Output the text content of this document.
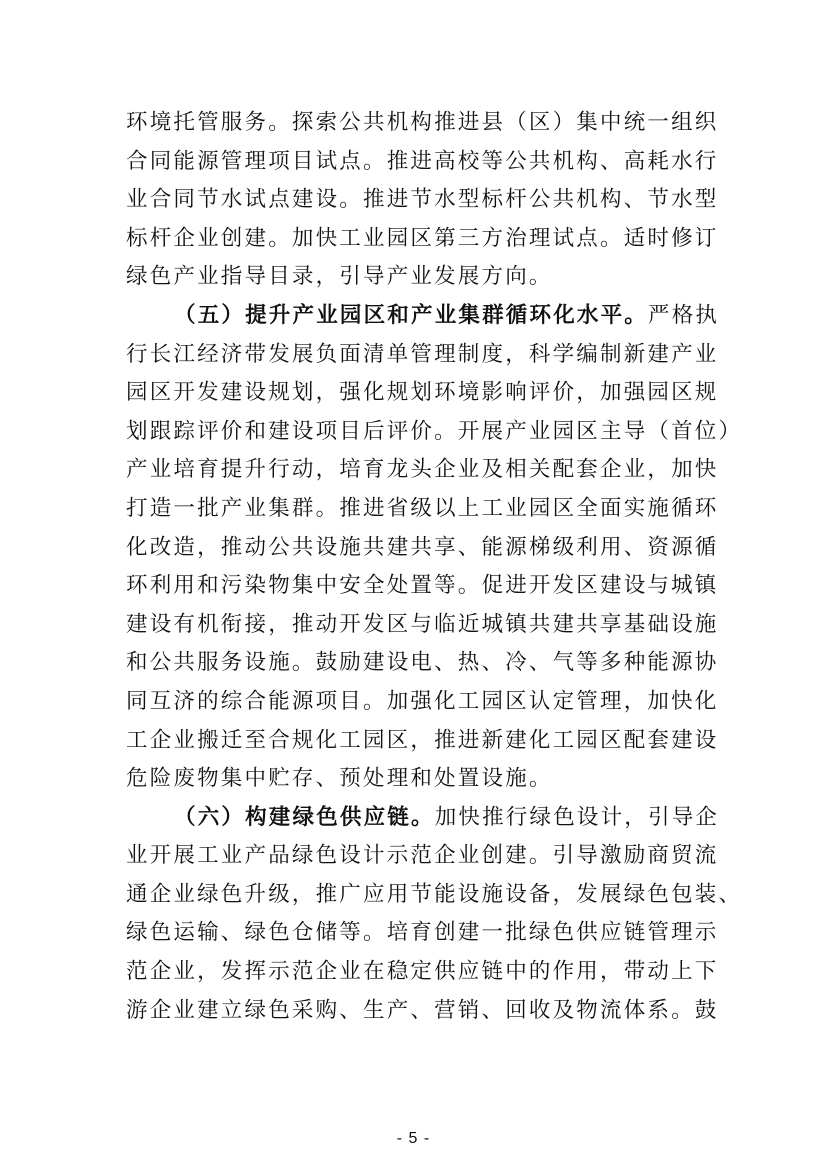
环境托管服务。探索公共机构推进县（区）集中统一组织
合同能源管理项目试点。推进高校等公共机构、高耗水行
业合同节水试点建设。推进节水型标杆公共机构、节水型
标杆企业创建。加快工业园区第三方治理试点。适时修订
绿色产业指导目录，引导产业发展方向。
（五）提升产业园区和产业集群循环化水平。严格执
行长江经济带发展负面清单管理制度，科学编制新建产业
园区开发建设规划，强化规划环境影响评价，加强园区规
划跟踪评价和建设项目后评价。开展产业园区主导（首位）
产业培育提升行动，培育龙头企业及相关配套企业，加快
打造一批产业集群。推进省级以上工业园区全面实施循环
化改造，推动公共设施共建共享、能源梯级利用、资源循
环利用和污染物集中安全处置等。促进开发区建设与城镇
建设有机衔接，推动开发区与临近城镇共建共享基础设施
和公共服务设施。鼓励建设电、热、冷、气等多种能源协
同互济的综合能源项目。加强化工园区认定管理，加快化
工企业搬迁至合规化工园区，推进新建化工园区配套建设
危险废物集中贮存、预处理和处置设施。
（六）构建绿色供应链。加快推行绿色设计，引导企
业开展工业产品绿色设计示范企业创建。引导激励商贸流
通企业绿色升级，推广应用节能设施设备，发展绿色包装、
绿色运输、绿色仓储等。培育创建一批绿色供应链管理示
范企业，发挥示范企业在稳定供应链中的作用，带动上下
游企业建立绿色采购、生产、营销、回收及物流体系。鼓
- 5 -
